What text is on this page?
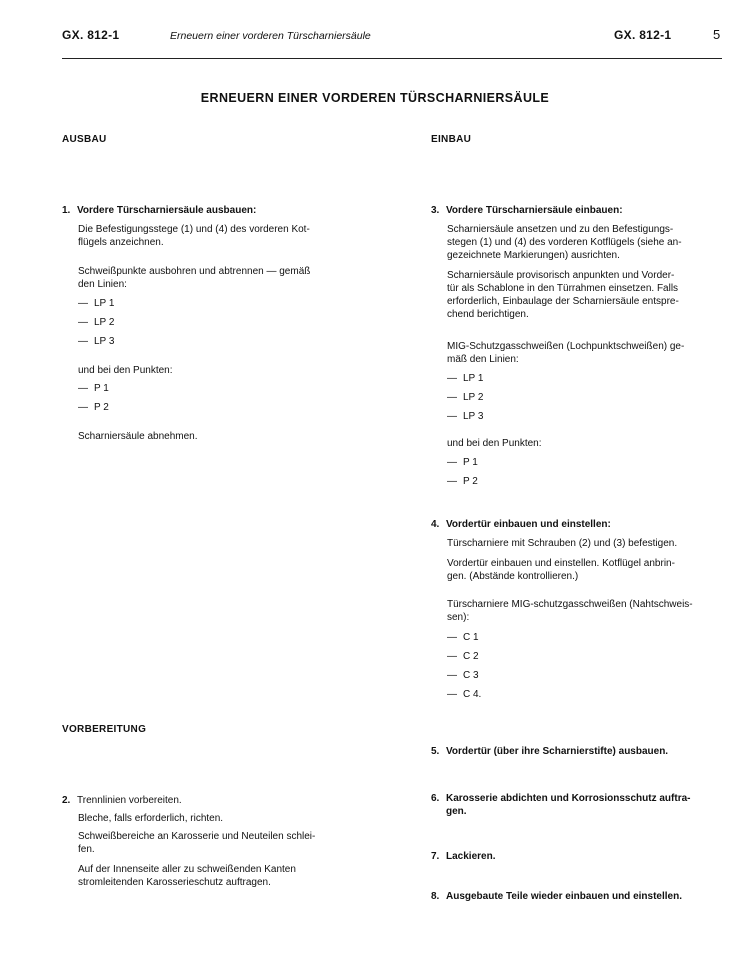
GX. 812-1	Erneuern einer vorderen Türscharniersäule	GX. 812-1	5
ERNEUERN EINER VORDEREN TÜRSCHARNIERSÄULE
AUSBAU
1. Vordere Türscharniersäule ausbauen:
Die Befestigungsstege (1) und (4) des vorderen Kot-
flügels anzeichnen.
Schweißpunkte ausbohren und abtrennen — gemäß
den Linien:
— LP 1
— LP 2
— LP 3
und bei den Punkten:
— P 1
— P 2
Scharniersäule abnehmen.
VORBEREITUNG
2. Trennlinien vorbereiten.
Bleche, falls erforderlich, richten.
Schweißbereiche an Karosserie und Neuteilen schlei-
fen.
Auf der Innenseite aller zu schweißenden Kanten
stromleitenden Karosserieschutz auftragen.
EINBAU
3. Vordere Türscharniersäule einbauen:
Scharniersäule ansetzen und zu den Befestigungs-
stegen (1) und (4) des vorderen Kotflügels (siehe an-
gezeichnete Markierungen) ausrichten.
Scharniersäule provisorisch anpunkten und Vorder-
tür als Schablone in den Türrahmen einsetzen. Falls
erforderlich, Einbaulage der Scharniersäule entspre-
chend berichtigen.
MIG-Schutzgasschweißen (Lochpunktschweißen) ge-
mäß den Linien:
— LP 1
— LP 2
— LP 3
und bei den Punkten:
— P 1
— P 2
4. Vordertür einbauen und einstellen:
Türscharniere mit Schrauben (2) und (3) befestigen.
Vordertür einbauen und einstellen. Kotflügel anbrin-
gen. (Abstände kontrollieren.)
Türscharniere MIG-schutzgasschweißen (Nahtschweis-
sen):
— C 1
— C 2
— C 3
— C 4.
5. Vordertür (über ihre Scharnierstifte) ausbauen.
6. Karosserie abdichten und Korrosionsschutz auftra-
gen.
7. Lackieren.
8. Ausgebaute Teile wieder einbauen und einstellen.
